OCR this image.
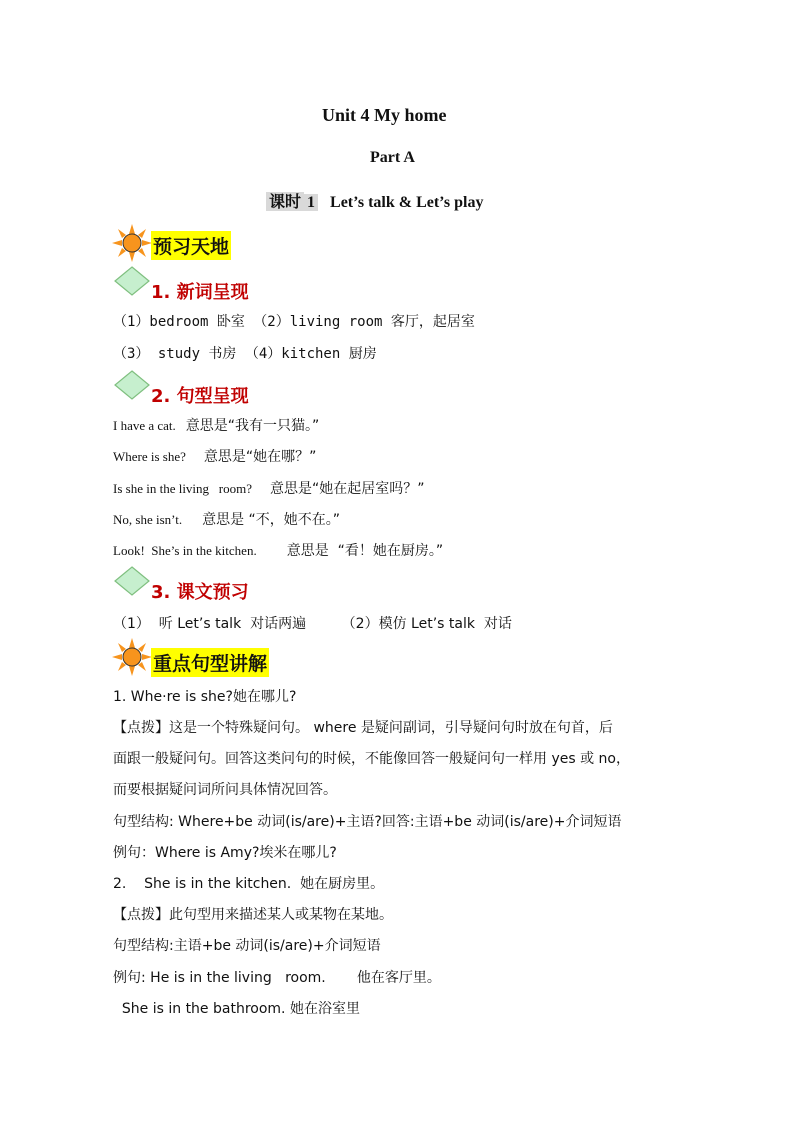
Unit 4 My home
Part A
课时 1 Let’s talk & Let’s play
预习天地
1. 新词呈现
（1）bedroom 卧室 （2）living room 客厅，起居室
（3） study 书房 （4）kitchen 厨房
2. 句型呈现
I have a cat. 意思是“我有一只猫。”
Where is she? 意思是“她在哪？”
Is she in the living   room? 意思是“她在起居室吗？”
No, she isn’t. 意思是 “不，她不在。”
Look!  She’s in the kitchen. 意思是  “看！她在厨房。”
3. 课文预习
（1）  听 Let’s talk  对话两遍        （2）模仿 Let’s talk  对话
重点句型讲解
1. Whe·re is she?她在哪儿?
【点拨】这是一个特殊疑问句。 where 是疑问副词，引导疑问句时放在句首，后
面跟一般疑问句。回答这类问句的时候，不能像回答一般疑问句一样用 yes 或 no，
而要根据疑问词所问具体情况回答。
句型结构: Where+be 动词(is/are)+主语?回答:主语+be 动词(is/are)+介词短语
例句：Where is Amy?埃米在哪儿?
2.    She is in the kitchen.  她在厨房里。
【点拨】此句型用来描述某人或某物在某地。
句型结构:主语+be 动词(is/are)+介词短语
例句: He is in the living   room.       他在客厅里。
She is in the bathroom. 她在浴室里
